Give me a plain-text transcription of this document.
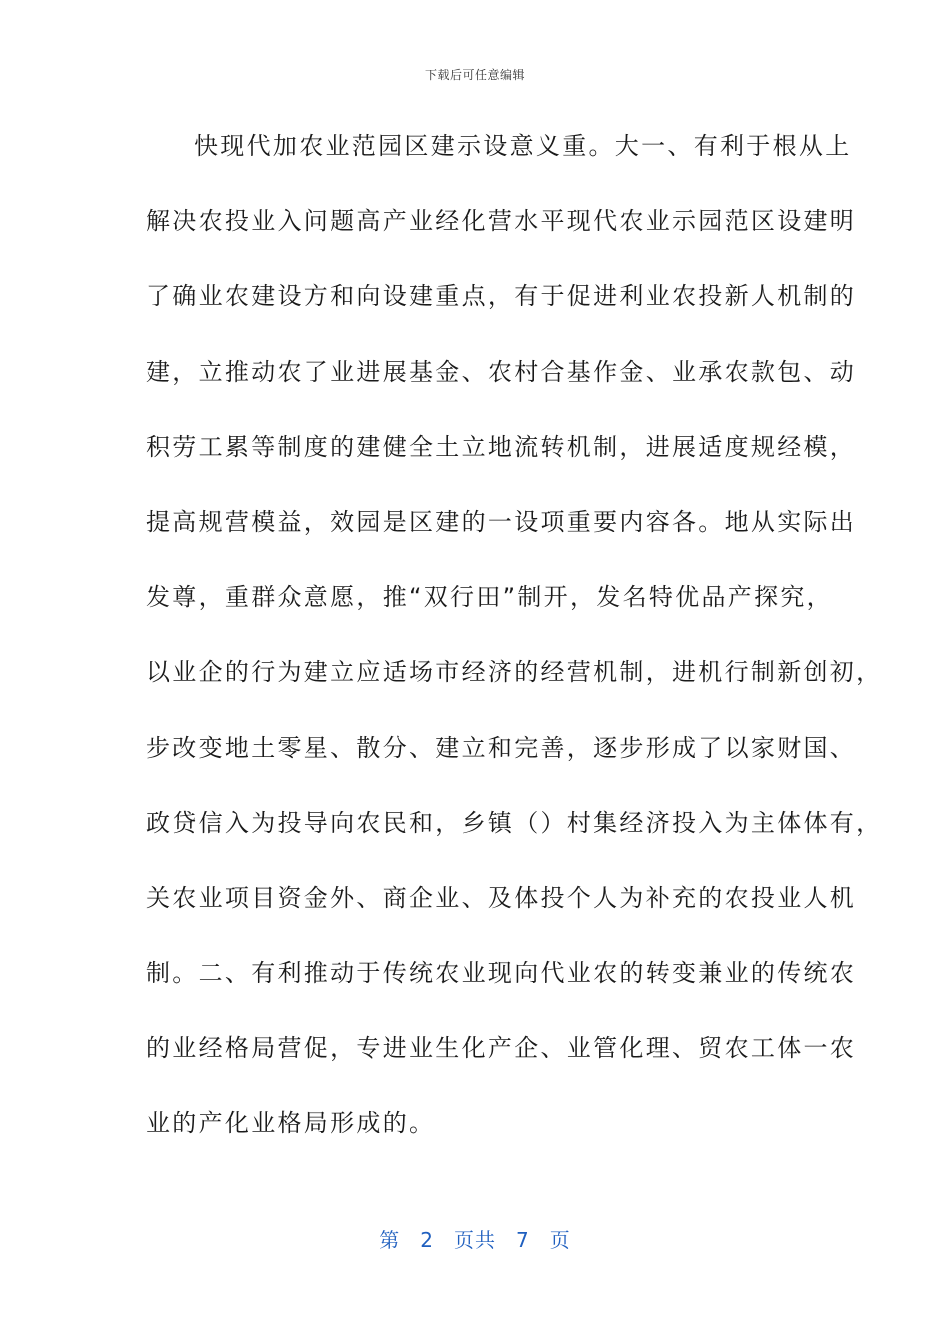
下载后可任意编辑
快现代加农业范园区建示设意义重。大一、有利于根从上
解决农投业入问题高产业经化营水平现代农业示园范区设建明
了确业农建设方和向设建重点，有于促进利业农投新人机制的
建，立推动农了业进展基金、农村合基作金、业承农款包、动
积劳工累等制度的建健全土立地流转机制，进展适度规经模，
提高规营模益，效园是区建的一设项重要内容各。地从实际出
发尊，重群众意愿，推“双行田”制开，发名特优品产探究，
以业企的行为建立应适场市经济的经营机制，进机行制新创初，
步改变地土零星、散分、建立和完善，逐步形成了以家财国、
政贷信入为投导向农民和，乡镇（）村集经济投入为主体体有，
关农业项目资金外、商企业、及体投个人为补充的农投业人机
制。二、有利推动于传统农业现向代业农的转变兼业的传统农
的业经格局营促，专进业生化产企、业管化理、贸农工体一农
业的产化业格局形成的。
第 2 页共 7 页
